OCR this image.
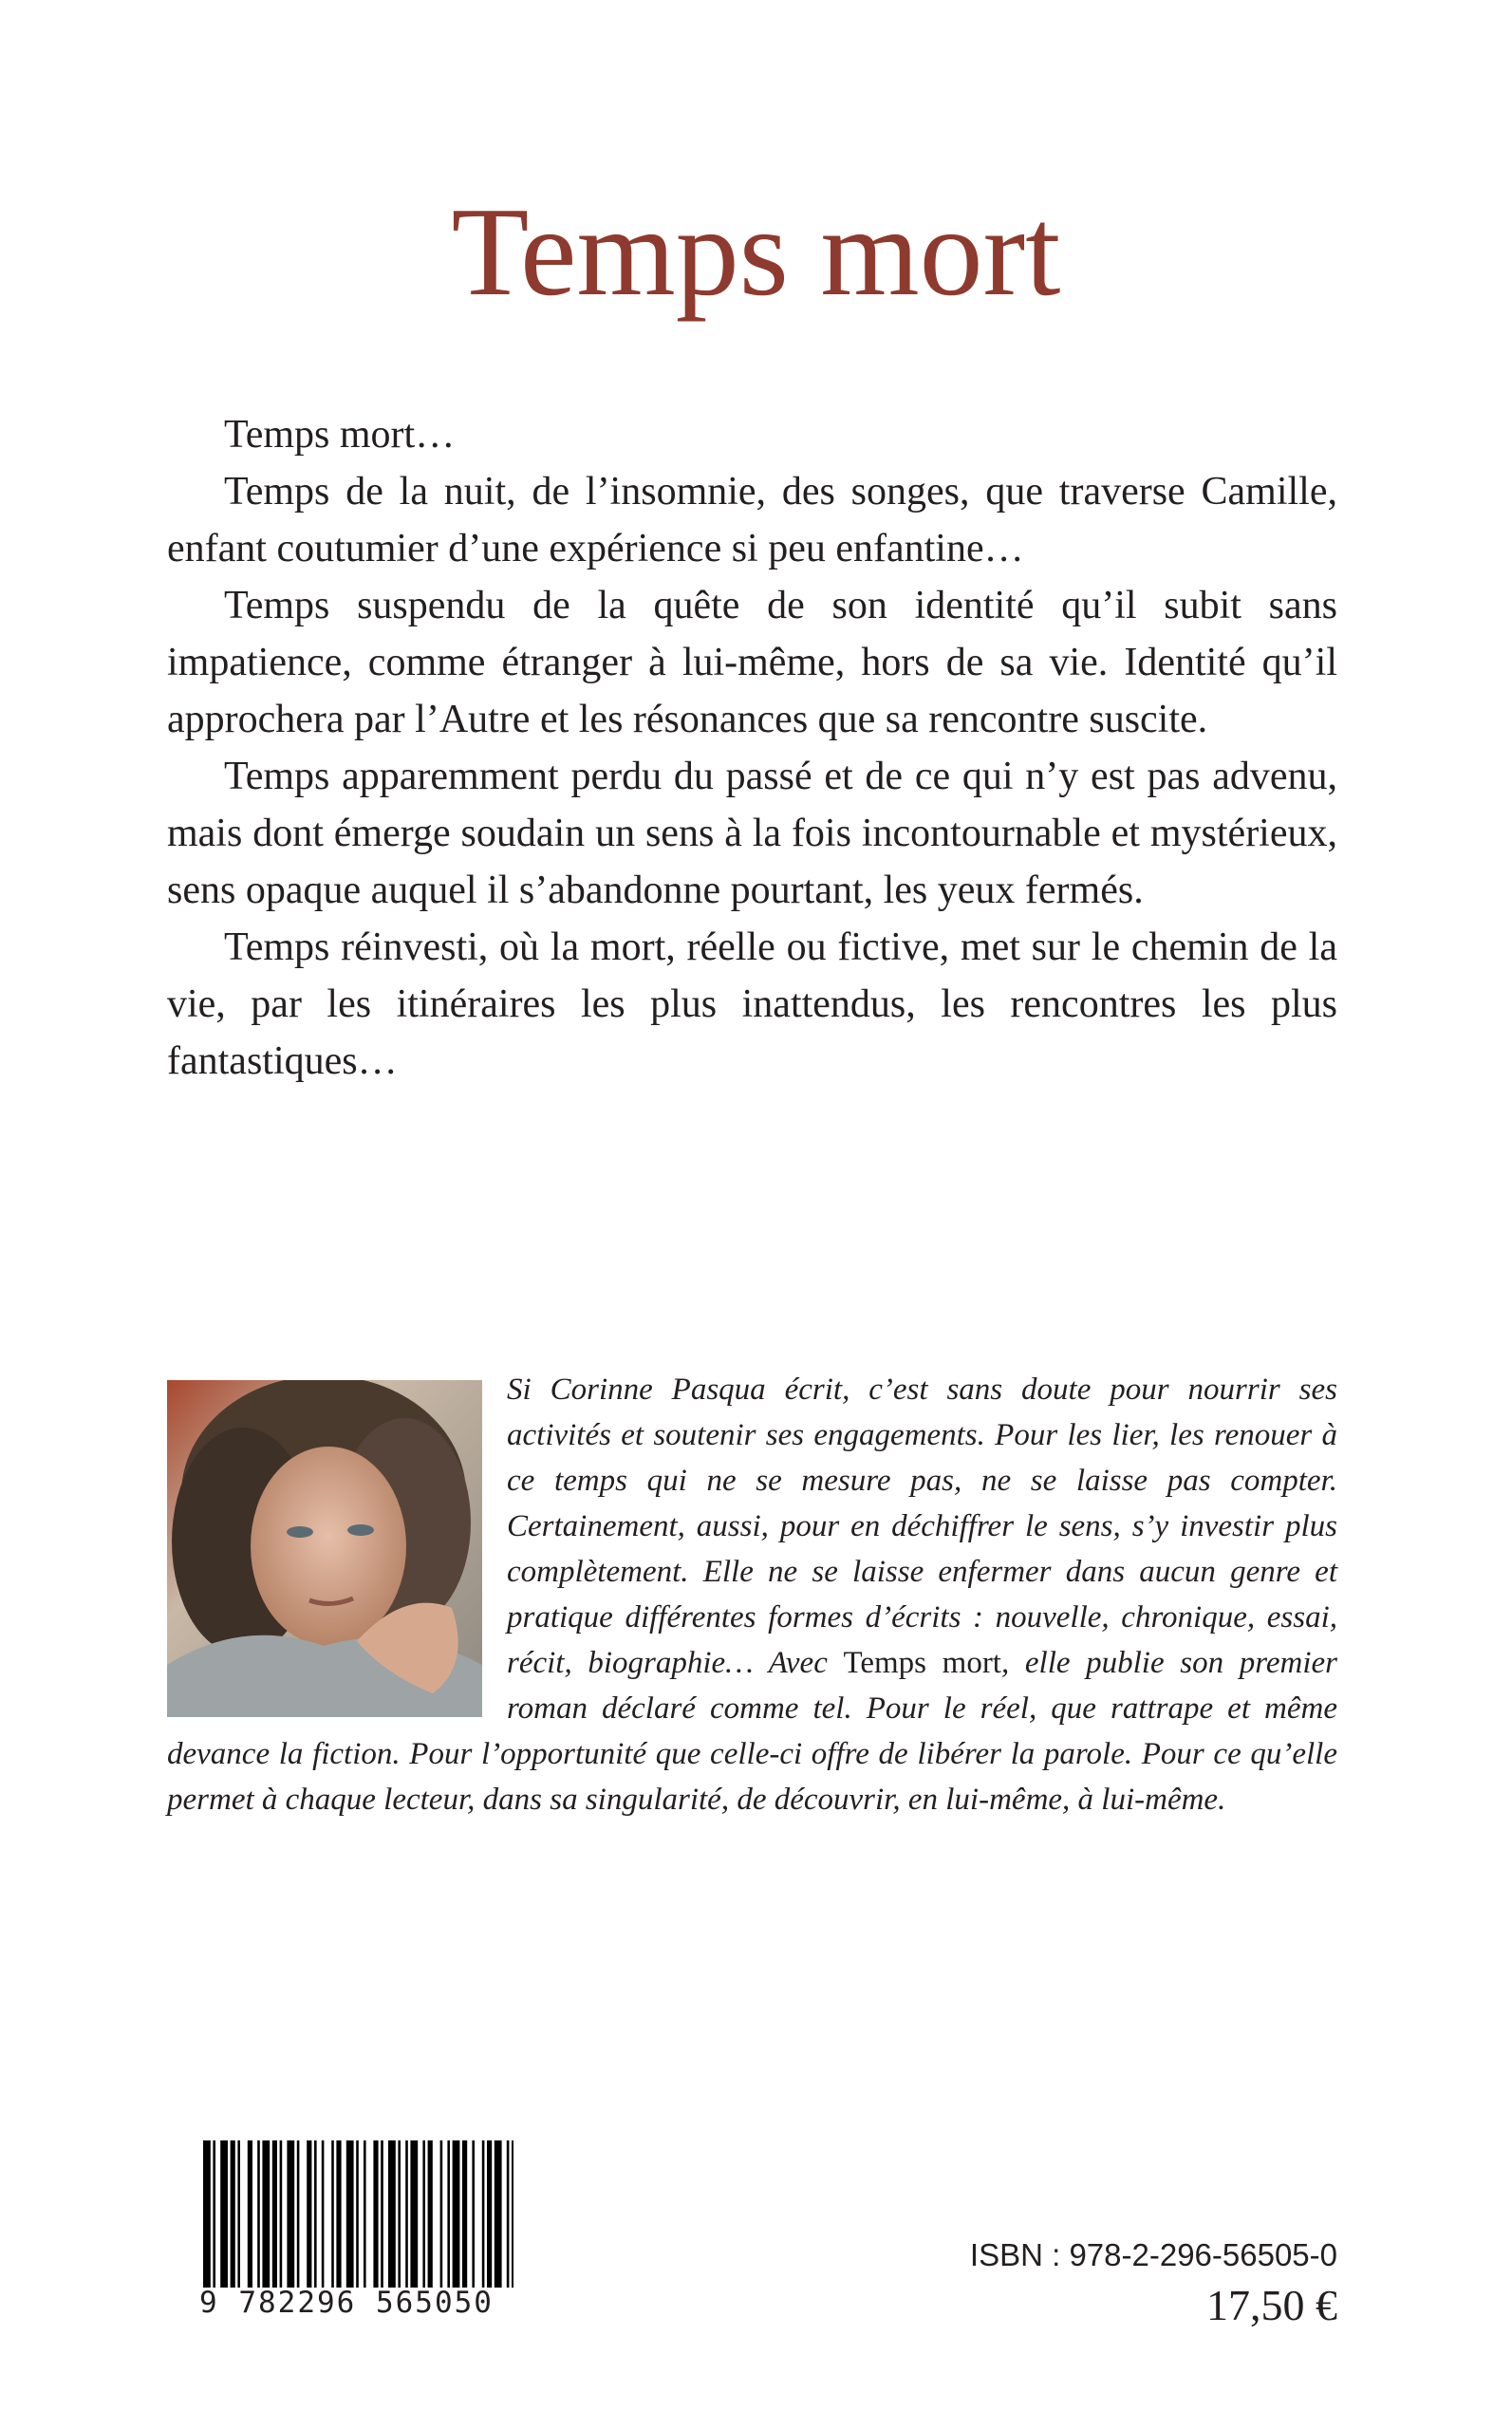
Temps mort

Temps mort…

Temps de la nuit, de l’insomnie, des songes, que traverse Camille, enfant coutumier d’une expérience si peu enfantine…

Temps suspendu de la quête de son identité qu’il subit sans impatience, comme étranger à lui-même, hors de sa vie. Identité qu’il approchera par l’Autre et les résonances que sa rencontre suscite.

Temps apparemment perdu du passé et de ce qui n’y est pas advenu, mais dont émerge soudain un sens à la fois incontournable et mystérieux, sens opaque auquel il s’abandonne pourtant, les yeux fermés.

Temps réinvesti, où la mort, réelle ou fictive, met sur le chemin de la vie, par les itinéraires les plus inattendus, les rencontres les plus fantastiques…

Si Corinne Pasqua écrit, c’est sans doute pour nourrir ses activités et soutenir ses engagements. Pour les lier, les renouer à ce temps qui ne se mesure pas, ne se laisse pas compter. Certainement, aussi, pour en déchiffrer le sens, s’y investir plus complètement. Elle ne se laisse enfermer dans aucun genre et pratique différentes formes d’écrits : nouvelle, chronique, essai, récit, biographie… Avec Temps mort, elle publie son premier roman déclaré comme tel. Pour le réel, que rattrape et même devance la fiction. Pour l’opportunité que celle-ci offre de libérer la parole. Pour ce qu’elle permet à chaque lecteur, dans sa singularité, de découvrir, en lui-même, à lui-même.
9 782296 565050
ISBN : 978-2-296-56505-0
17,50 €
